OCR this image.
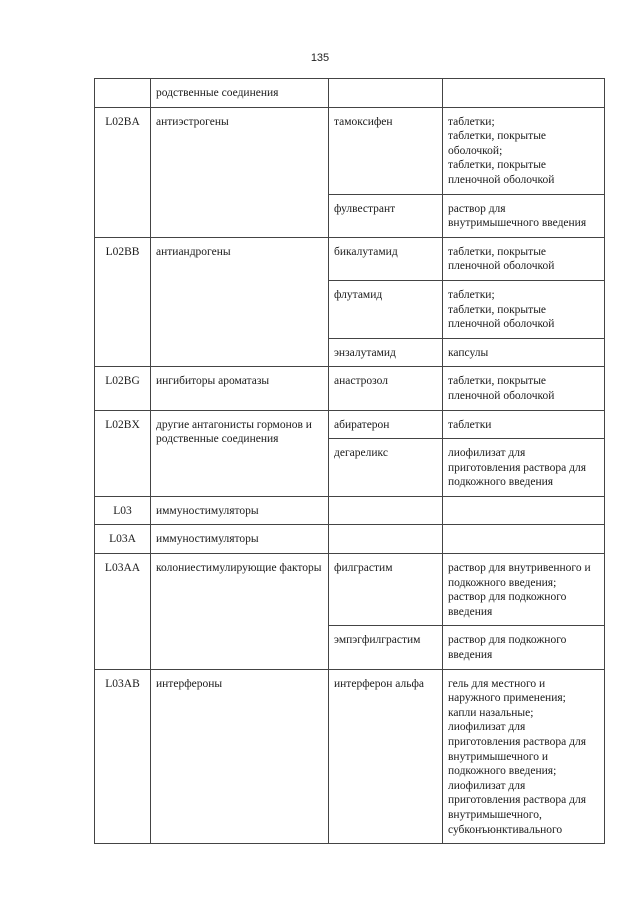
135
	родственные соединения		
L02BA	антиэстрогены	тамоксифен	таблетки;
таблетки, покрытые оболочкой;
таблетки, покрытые пленочной оболочкой
		фулвестрант	раствор для внутримышечного введения
L02BB	антиандрогены	бикалутамид	таблетки, покрытые пленочной оболочкой
		флутамид	таблетки;
таблетки, покрытые пленочной оболочкой
		энзалутамид	капсулы
L02BG	ингибиторы ароматазы	анастрозол	таблетки, покрытые пленочной оболочкой
L02BX	другие антагонисты гормонов и родственные соединения	абиратерон	таблетки
		дегареликс	лиофилизат для приготовления раствора для подкожного введения
L03	иммуностимуляторы		
L03A	иммуностимуляторы		
L03AA	колониестимулирующие факторы	филграстим	раствор для внутривенного и подкожного введения;
раствор для подкожного введения
		эмпэгфилграстим	раствор для подкожного введения
L03AB	интерфероны	интерферон альфа	гель для местного и наружного применения;
капли назальные;
лиофилизат для приготовления раствора для внутримышечного и подкожного введения;
лиофилизат для приготовления раствора для внутримышечного, субконъюнктивального
